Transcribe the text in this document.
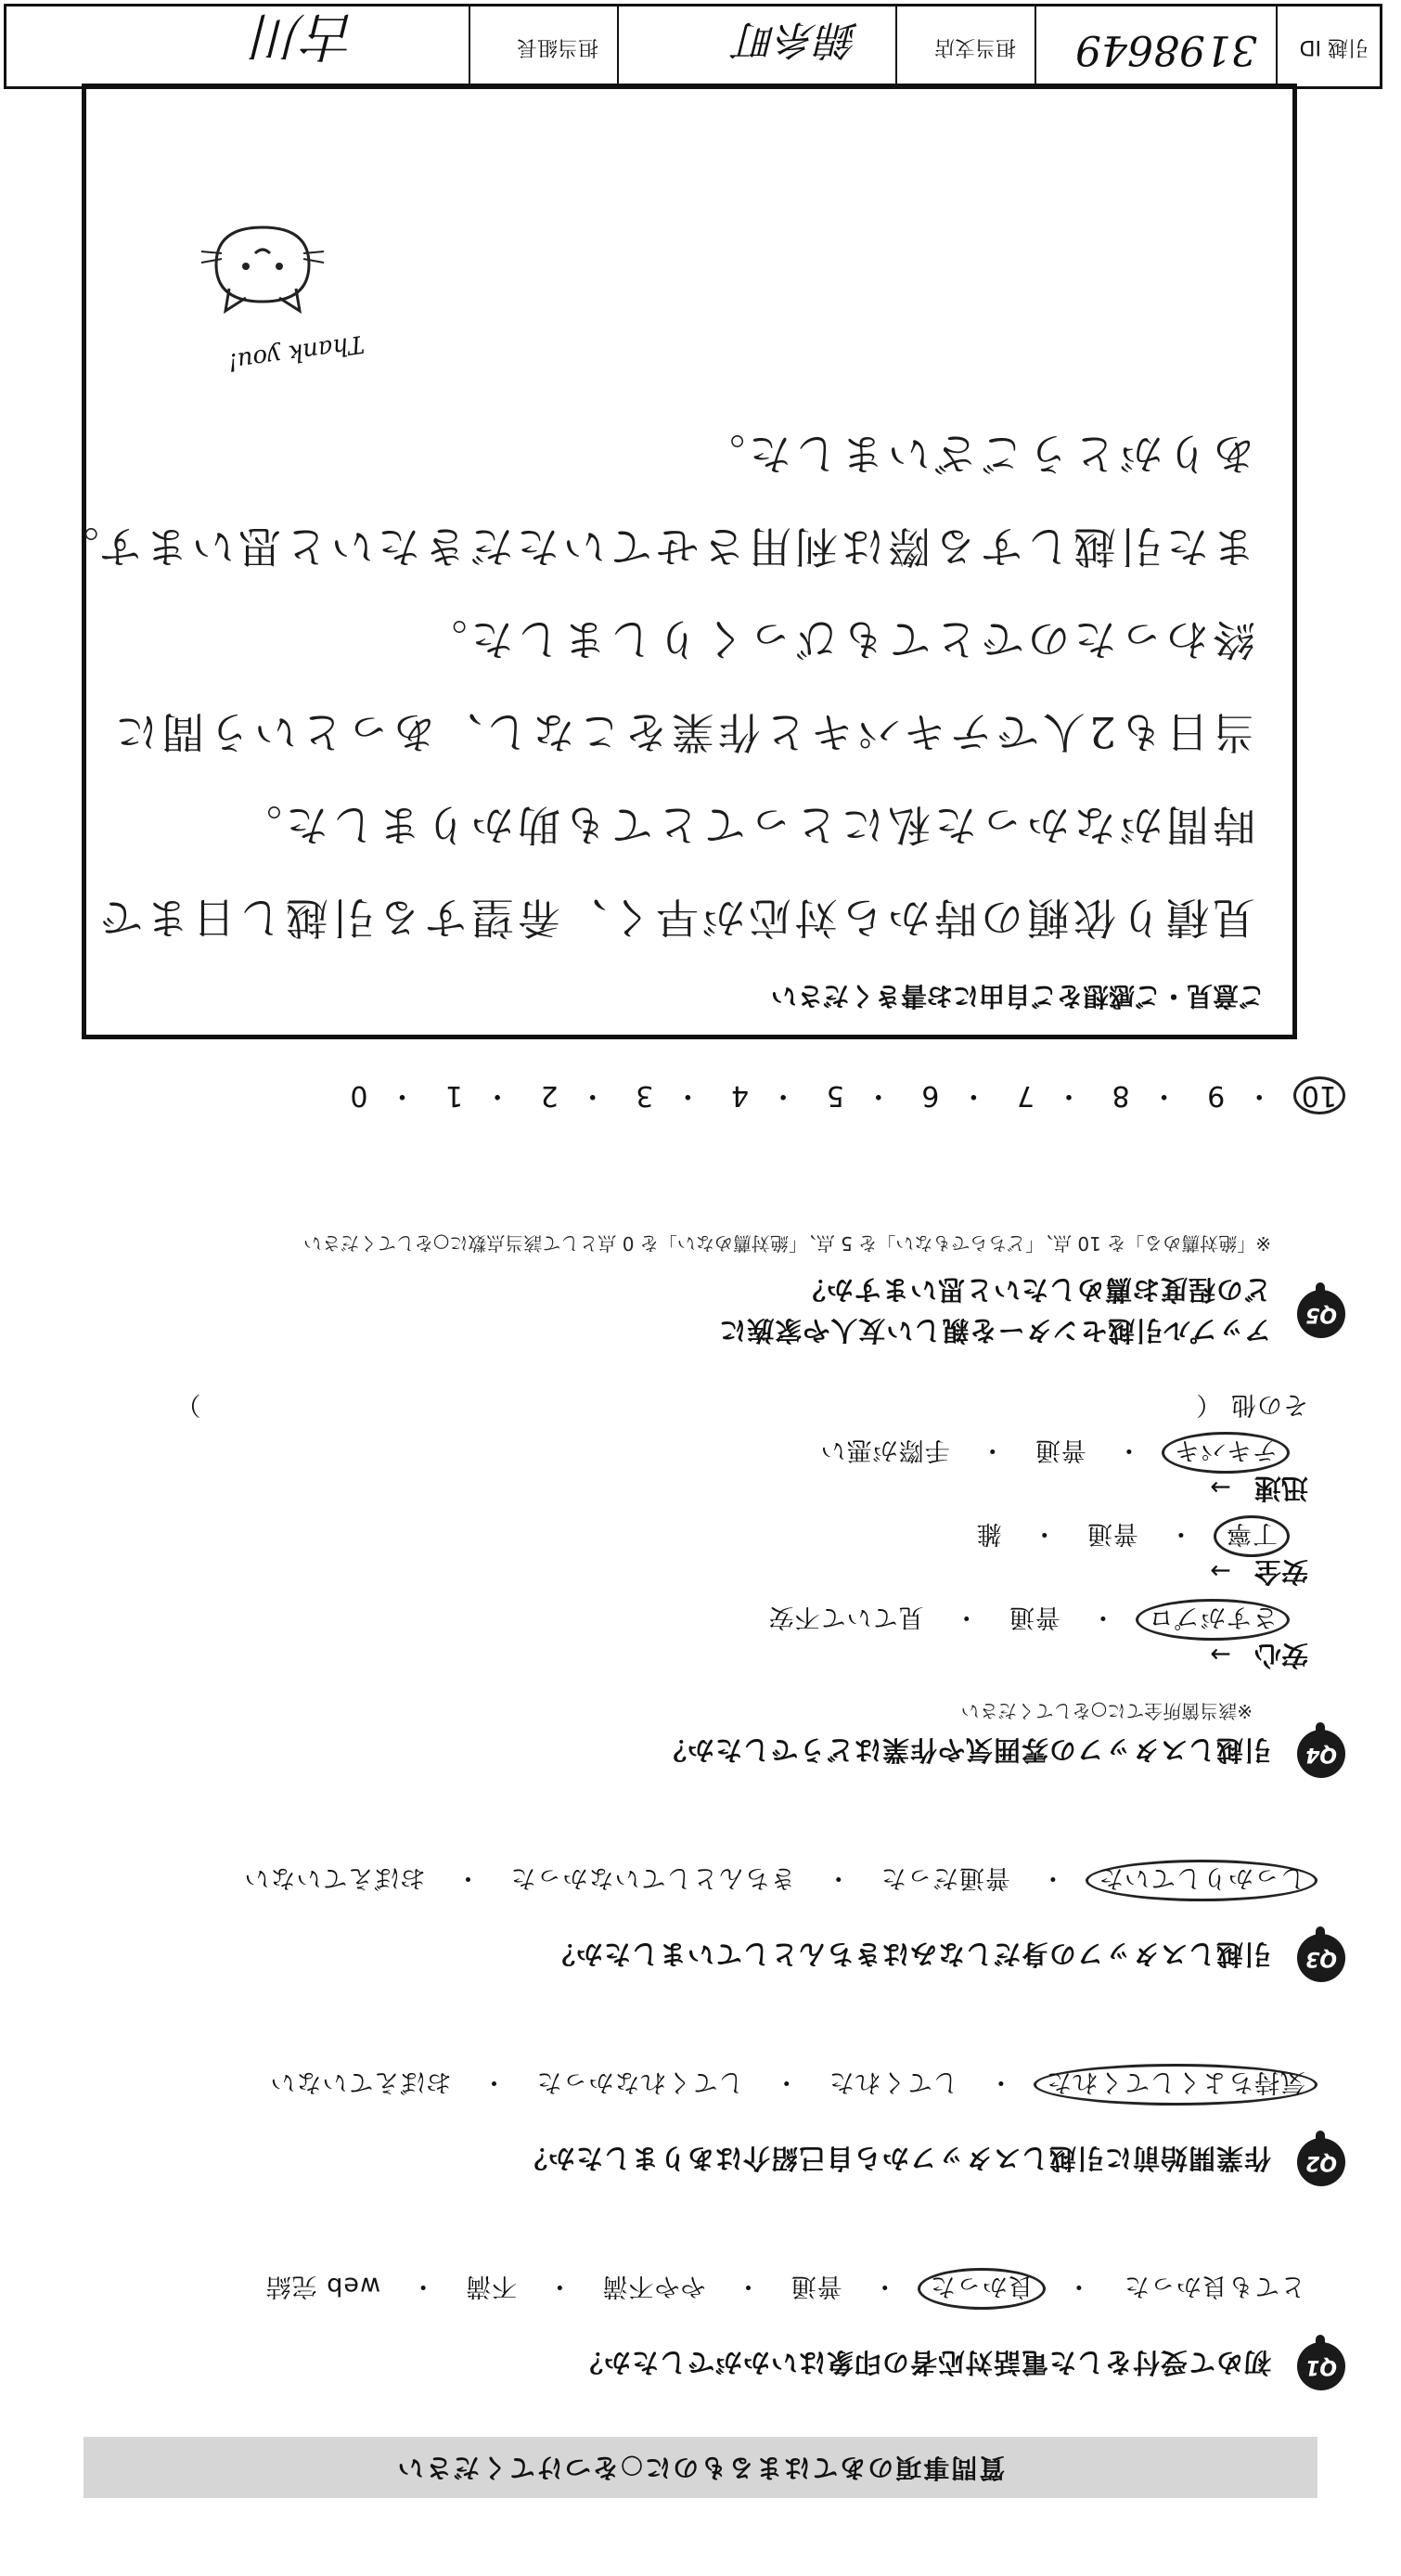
質問事項のあてはまるものに○をつけてください
Q1
初めて受付をした電話対応者の印象はいかがでしたか？
とても良かった ・ 良かった ・ 普通 ・ やや不満 ・ 不満 ・ web 完結
Q2
作業開始前に引越しスタッフから自己紹介はありましたか？
気持ちよくしてくれた ・ してくれた ・ してくれなかった ・ おぼえていない
Q3
引越しスタッフの身だしなみはきちんとしていましたか？
しっかりしていた ・ 普通だった ・ きちんとしていなかった ・ おぼえていない
Q4
引越しスタッフの雰囲気や作業はどうでしたか？
※該当箇所全てに○をしてください
安心 → さすがプロ ・ 普通 ・ 見ていて不安
安全 → 丁寧 ・ 普通 ・ 雑
迅速 → テキパキ ・ 普通 ・ 手際が悪い
その他 （）
Q5
アップル引越センターを親しい友人や家族に
どの程度お薦めしたいと思いますか？
※「絶対薦める」を 10 点、「どちらでもない」を 5 点、「絶対薦めない」を 0 点として該当点数に○をしてください
10 ・9 ・8 ・7 ・6 ・5 ・4 ・3 ・2 ・1 ・0
ご意見・ご感想をご自由にお書きください
見積り依頼の時から対応が早く、希望する引越し日まで
時間がなかった私にとってとても助かりました。
当日も2人でテキパキと作業をこなし、あっという間に
終わったのでとてもびっくりしました。
また引越しする際は利用させていただきたいと思います。
ありがとうございました。
Thank you!
引越 ID
3198649
担当支店
錦糸町
担当組長
古川
